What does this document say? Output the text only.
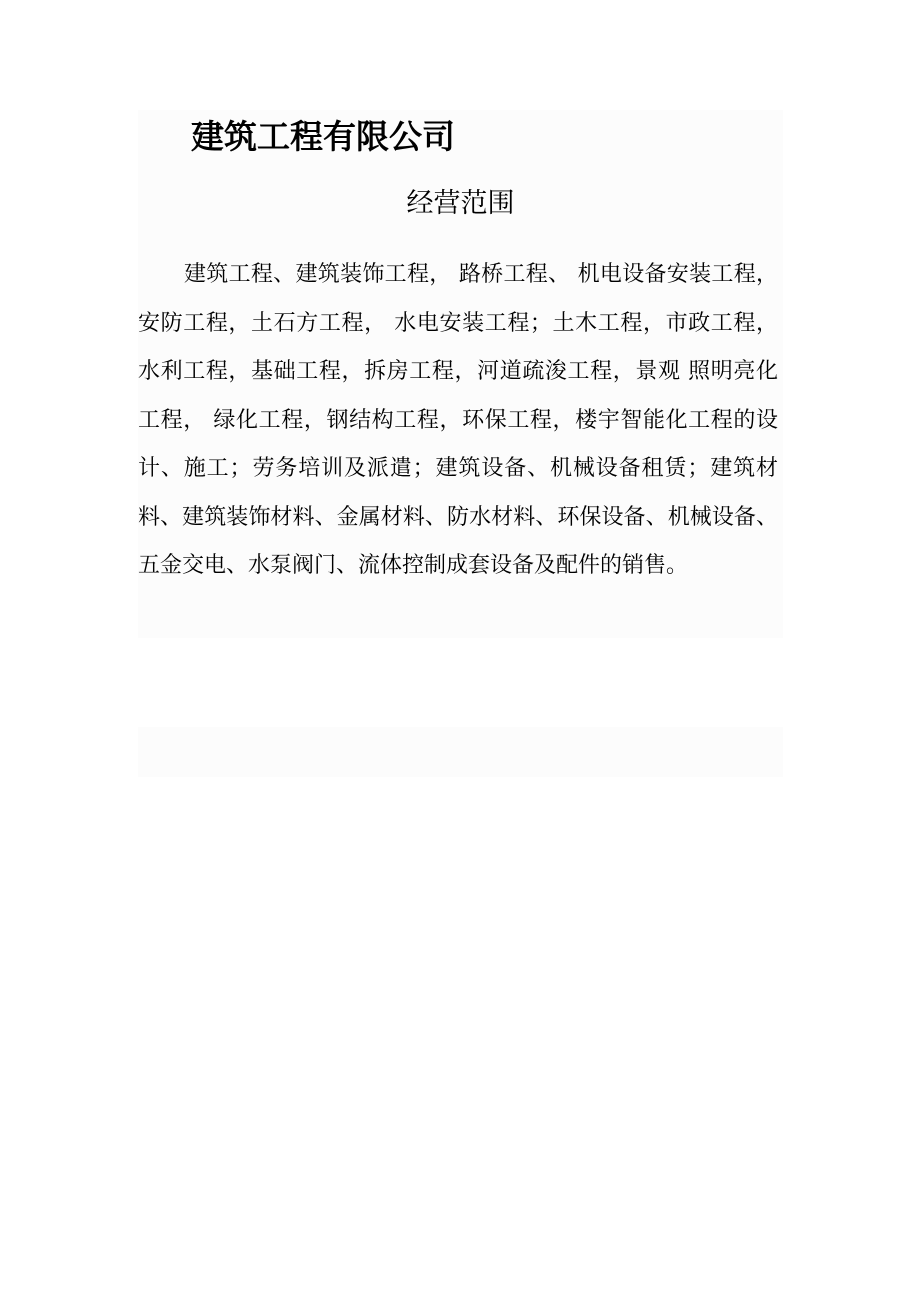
建筑工程有限公司
经营范围

建筑工程、建筑装饰工程， 路桥工程、 机电设备安装工程，安防工程，土石方工程， 水电安装工程；土木工程，市政工程，水利工程，基础工程，拆房工程，河道疏浚工程，景观 照明亮化 工程， 绿化工程，钢结构工程，环保工程，楼宇智能化工程的设计、施工；劳务培训及派遣；建筑设备、机械设备租赁；建筑材料、建筑装饰材料、金属材料、防水材料、环保设备、机械设备、五金交电、水泵阀门、流体控制成套设备及配件的销售。
